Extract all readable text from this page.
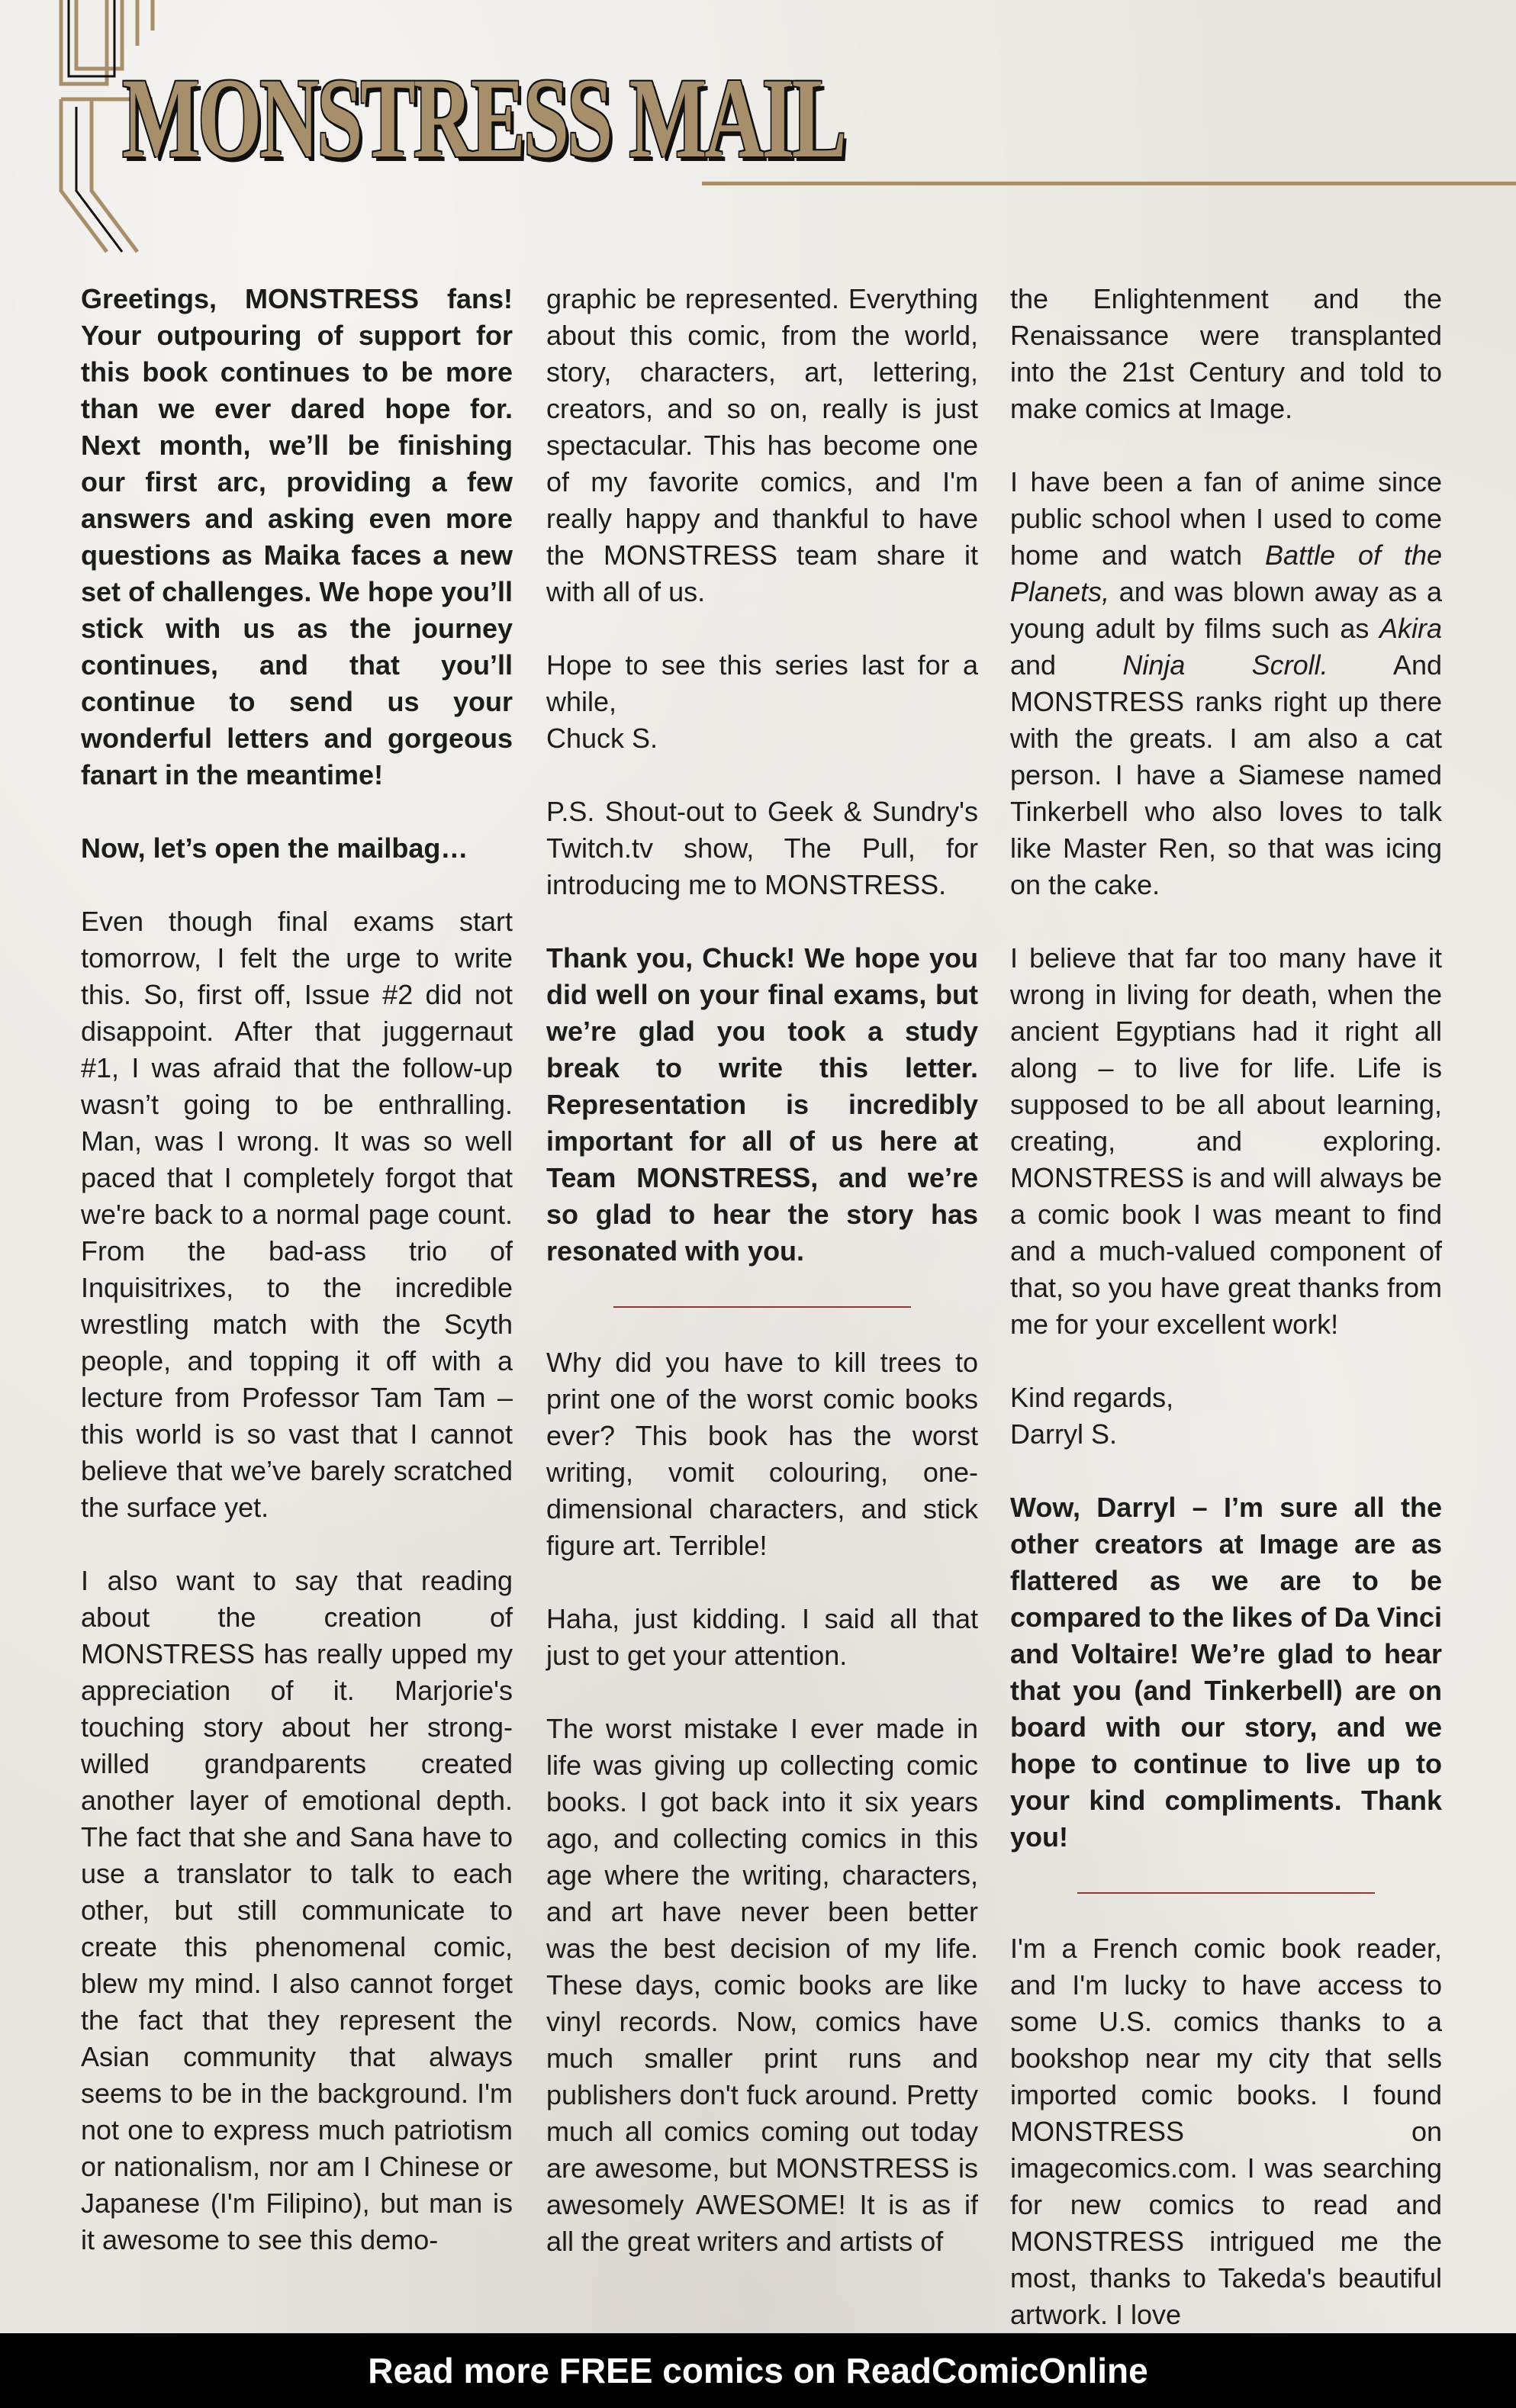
MONSTRESS MAIL

Greetings, MONSTRESS fans! Your outpouring of support for this book continues to be more than we ever dared hope for. Next month, we’ll be finishing our first arc, providing a few answers and asking even more questions as Maika faces a new set of challenges. We hope you’ll stick with us as the journey continues, and that you’ll continue to send us your wonderful letters and gorgeous fanart in the meantime!

Now, let’s open the mailbag…

Even though final exams start tomorrow, I felt the urge to write this. So, first off, Issue #2 did not disappoint. After that juggernaut #1, I was afraid that the follow-up wasn’t going to be enthralling. Man, was I wrong. It was so well paced that I completely forgot that we're back to a normal page count. From the bad-ass trio of Inquisitrixes, to the incredible wrestling match with the Scyth people, and topping it off with a lecture from Professor Tam Tam – this world is so vast that I cannot believe that we’ve barely scratched the surface yet.

I also want to say that reading about the creation of MONSTRESS has really upped my appreciation of it. Marjorie's touching story about her strong-willed grandparents created another layer of emotional depth. The fact that she and Sana have to use a translator to talk to each other, but still communicate to create this phenomenal comic, blew my mind. I also cannot forget the fact that they represent the Asian community that always seems to be in the background. I'm not one to express much patriotism or nationalism, nor am I Chinese or Japanese (I'm Filipino), but man is it awesome to see this demo-

graphic be represented. Everything about this comic, from the world, story, characters, art, lettering, creators, and so on, really is just spectacular. This has become one of my favorite comics, and I'm really happy and thankful to have the MONSTRESS team share it with all of us.

Hope to see this series last for a while,
Chuck S.

P.S. Shout-out to Geek & Sundry's Twitch.tv show, The Pull, for introducing me to MONSTRESS.

Thank you, Chuck! We hope you did well on your final exams, but we’re glad you took a study break to write this letter. Representation is incredibly important for all of us here at Team MONSTRESS, and we’re so glad to hear the story has resonated with you.

Why did you have to kill trees to print one of the worst comic books ever? This book has the worst writing, vomit colouring, one-dimensional characters, and stick figure art. Terrible!

Haha, just kidding. I said all that just to get your attention.

The worst mistake I ever made in life was giving up collecting comic books. I got back into it six years ago, and collecting comics in this age where the writing, characters, and art have never been better was the best decision of my life. These days, comic books are like vinyl records. Now, comics have much smaller print runs and publishers don't fuck around. Pretty much all comics coming out today are awesome, but MONSTRESS is awesomely AWESOME! It is as if all the great writers and artists of

the Enlightenment and the Renaissance were transplanted into the 21st Century and told to make comics at Image.

I have been a fan of anime since public school when I used to come home and watch Battle of the Planets, and was blown away as a young adult by films such as Akira and Ninja Scroll. And MONSTRESS ranks right up there with the greats. I am also a cat person. I have a Siamese named Tinkerbell who also loves to talk like Master Ren, so that was icing on the cake.

I believe that far too many have it wrong in living for death, when the ancient Egyptians had it right all along – to live for life. Life is supposed to be all about learning, creating, and exploring. MONSTRESS is and will always be a comic book I was meant to find and a much-valued component of that, so you have great thanks from me for your excellent work!

Kind regards,
Darryl S.

Wow, Darryl – I’m sure all the other creators at Image are as flattered as we are to be compared to the likes of Da Vinci and Voltaire! We’re glad to hear that you (and Tinkerbell) are on board with our story, and we hope to continue to live up to your kind compliments. Thank you!

I'm a French comic book reader, and I'm lucky to have access to some U.S. comics thanks to a bookshop near my city that sells imported comic books. I found MONSTRESS on imagecomics.com. I was searching for new comics to read and MONSTRESS intrigued me the most, thanks to Takeda's beautiful artwork. I love

Read more FREE comics on ReadComicOnline
